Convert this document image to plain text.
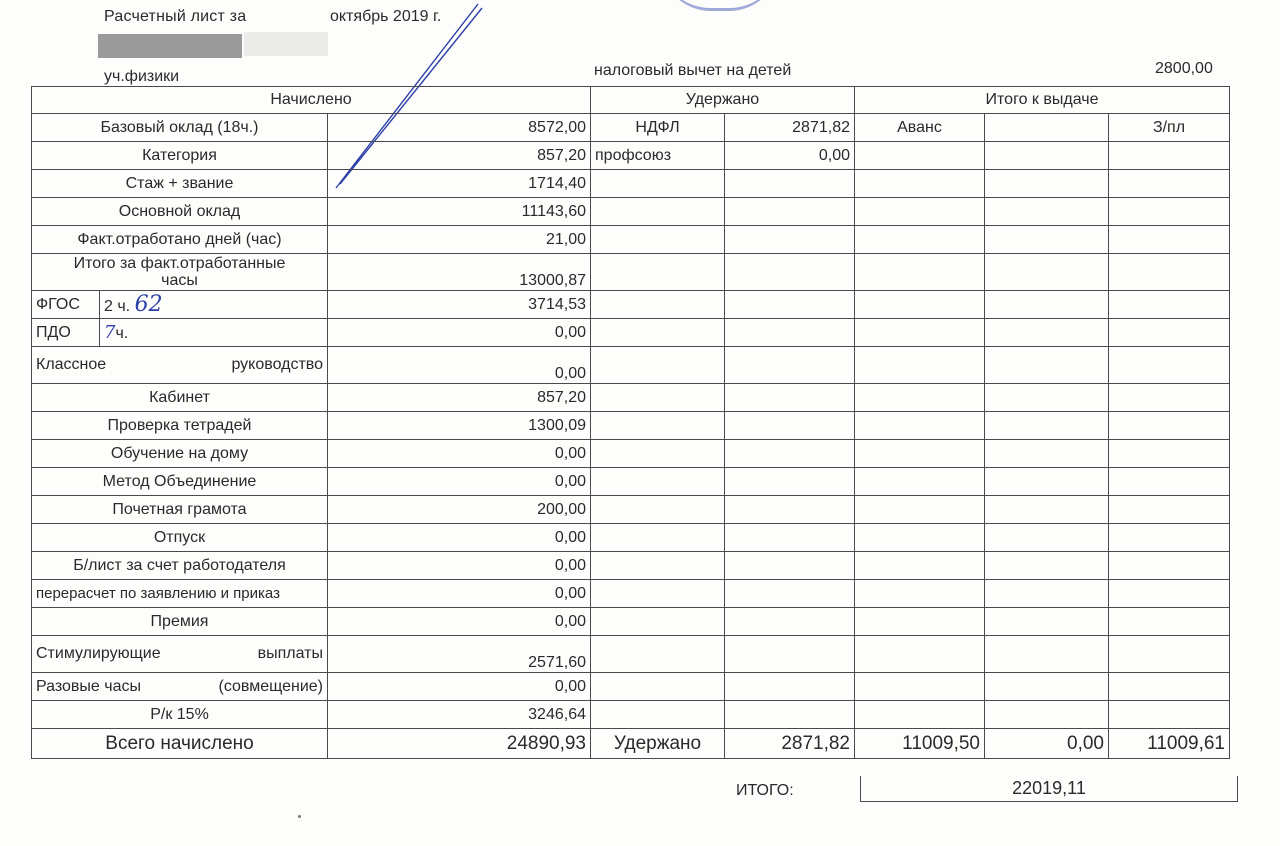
Расчетный лист за	октябрь 2019 г.
уч.физики	налоговый вычет на детей	2800,00
Начислено			Удержано		Итого к выдаче		
Базовый оклад (18ч.)		8572,00	НДФЛ	2871,82	Аванс		З/пл
Категория		857,20	профсоюз	0,00			
Стаж + звание		1714,40					
Основной оклад		11143,60					
Факт.отработано дней (час)		21,00					

Итого за факт.отработанные
часы		13000,87					
ФГОС	2 ч. 62	3714,53					
ПДО	7ч.	0,00					

Классное руководство		0,00					
Кабинет		857,20					
Проверка тетрадей		1300,09					
Обучение на дому		0,00					
Метод Объединение		0,00					
Почетная грамота		200,00					
Отпуск		0,00					
Б/лист за счет работодателя		0,00					
перерасчет по заявлению и приказ		0,00					
Премия		0,00					

Стимулирующие выплаты		2571,60					

Разовые часы (совмещение)		0,00					
Р/к 15%		3246,64					
Всего начислено		24890,93	Удержано	2871,82	11009,50	0,00	11009,61
ИТОГО:	22019,11
